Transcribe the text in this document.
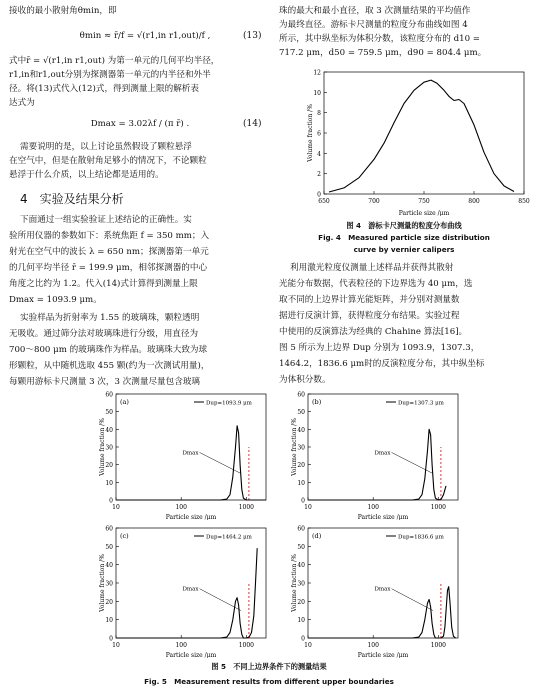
接收的最小散射角θmin，即
θmin ≈ r̄/f = √(r1,in r1,out)/f ,	(13)
式中r̄ = √(r1,in r1,out) 为第一单元的几何平均半径，
r1,in和r1,out分别为探测器第一单元的内半径和外半
径。将(13)式代入(12)式，得到测量上限的解析表
达式为
Dmax = 3.02λf / (π r̄) .	(14)
需要说明的是，以上讨论虽然假设了颗粒悬浮
在空气中，但是在散射角足够小的情况下，不论颗粒
悬浮于什么介质，以上结论都是适用的。
4　实验及结果分析
下面通过一组实验验证上述结论的正确性。实
验所用仪器的参数如下：系统焦距 f = 350 mm；入
射光在空气中的波长 λ = 650 nm；探测器第一单元
的几何平均半径 r̄ = 199.9 μm，相邻探测器的中心
角度之比约为 1.2。代入(14)式计算得到测量上限
Dmax = 1093.9 μm。
实验样品为折射率为 1.55 的玻璃珠，颗粒透明
无吸收。通过筛分法对玻璃珠进行分级，用直径为
700～800 μm 的玻璃珠作为样品。玻璃珠大致为球
形颗粒，从中随机选取 455 颗(约为一次测试用量)，
每颗用游标卡尺测量 3 次，3 次测量尽量包含玻璃
珠的最大和最小直径，取 3 次测量结果的平均值作
为最终直径。游标卡尺测量的粒度分布曲线如图 4
所示，其中纵坐标为体积分数，该粒度分布的 d10 =
717.2 μm，d50 = 759.5 μm，d90 = 804.4 μm。
650	700	750	800	850
0
2
4
6
8
10
12
Particle size /μm
Volume fraction /%
图 4　游标卡尺测量的粒度分布曲线
Fig. 4　Measured particle size distribution
curve by vernier calipers
利用激光粒度仪测量上述样品并获得其散射
光能分布数据，代表粒径的下边界选为 40 μm，选
取不同的上边界计算光能矩阵，并分别对测量数
据进行反演计算，获得粒度分布结果。实验过程
中使用的反演算法为经典的 Chahine 算法[16]。
图 5 所示为上边界 Dup 分别为 1093.9，1307.3，
1464.2，1836.6 μm时的反演粒度分布，其中纵坐标
为体积分数。
10	100	1000
0
10
20
30
40
50
60
Particle size /μm
Volume fraction /%
(a)	Dup=1093.9 μm
Dmax
10	100	1000
0
10
20
30
40
50
60
Particle size /μm
Volume fraction /%
(b)	Dup=1307.3 μm
Dmax
10	100	1000
0
10
20
30
40
50
60
Particle size /μm
Volume fraction /%
(c)	Dup=1464.2 μm
Dmax
10	100	1000
0
10
20
30
40
50
60
Particle size /μm
Volume fraction /%
(d)	Dup=1836.6 μm
Dmax
图 5　不同上边界条件下的测量结果
Fig. 5　Measurement results from different upper boundaries
